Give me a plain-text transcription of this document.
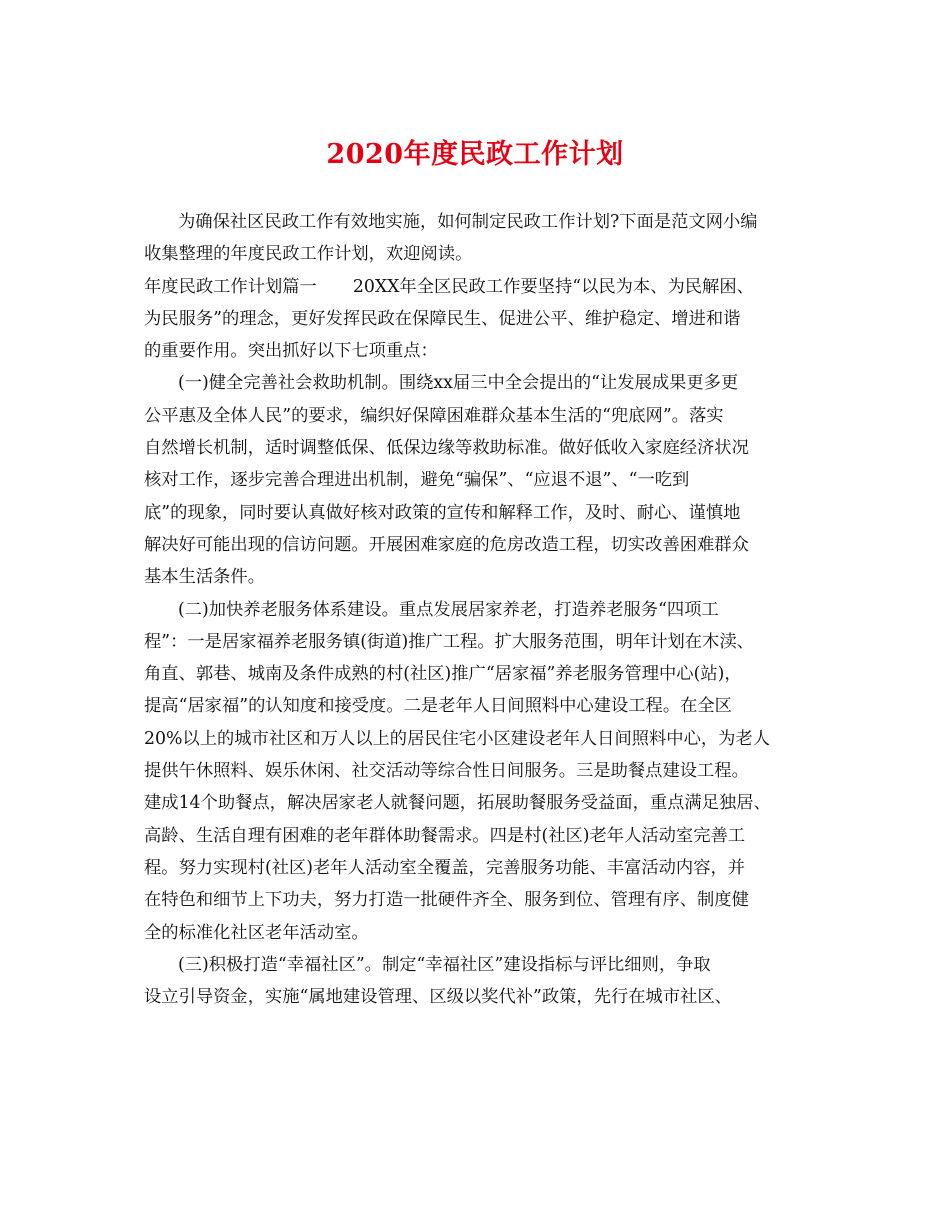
2020年度民政工作计划
为确保社区民政工作有效地实施，如何制定民政工作计划?下面是范文网小编
收集整理的年度民政工作计划，欢迎阅读。
年度民政工作计划篇一 20XX年全区民政工作要坚持“以民为本、为民解困、
为民服务”的理念，更好发挥民政在保障民生、促进公平、维护稳定、增进和谐
的重要作用。突出抓好以下七项重点：
(一)健全完善社会救助机制。围绕xx届三中全会提出的“让发展成果更多更
公平惠及全体人民”的要求，编织好保障困难群众基本生活的“兜底网”。落实
自然增长机制，适时调整低保、低保边缘等救助标准。做好低收入家庭经济状况
核对工作，逐步完善合理进出机制，避免“骗保”、“应退不退”、“一吃到
底”的现象，同时要认真做好核对政策的宣传和解释工作，及时、耐心、谨慎地
解决好可能出现的信访问题。开展困难家庭的危房改造工程，切实改善困难群众
基本生活条件。
(二)加快养老服务体系建设。重点发展居家养老，打造养老服务“四项工
程”：一是居家福养老服务镇(街道)推广工程。扩大服务范围，明年计划在木渎、
角直、郭巷、城南及条件成熟的村(社区)推广“居家福”养老服务管理中心(站)，
提高“居家福”的认知度和接受度。二是老年人日间照料中心建设工程。在全区
20%以上的城市社区和万人以上的居民住宅小区建设老年人日间照料中心，为老人
提供午休照料、娱乐休闲、社交活动等综合性日间服务。三是助餐点建设工程。
建成14个助餐点，解决居家老人就餐问题，拓展助餐服务受益面，重点满足独居、
高龄、生活自理有困难的老年群体助餐需求。四是村(社区)老年人活动室完善工
程。努力实现村(社区)老年人活动室全覆盖，完善服务功能、丰富活动内容，并
在特色和细节上下功夫，努力打造一批硬件齐全、服务到位、管理有序、制度健
全的标准化社区老年活动室。
(三)积极打造“幸福社区”。制定“幸福社区”建设指标与评比细则，争取
设立引导资金，实施“属地建设管理、区级以奖代补”政策，先行在城市社区、
